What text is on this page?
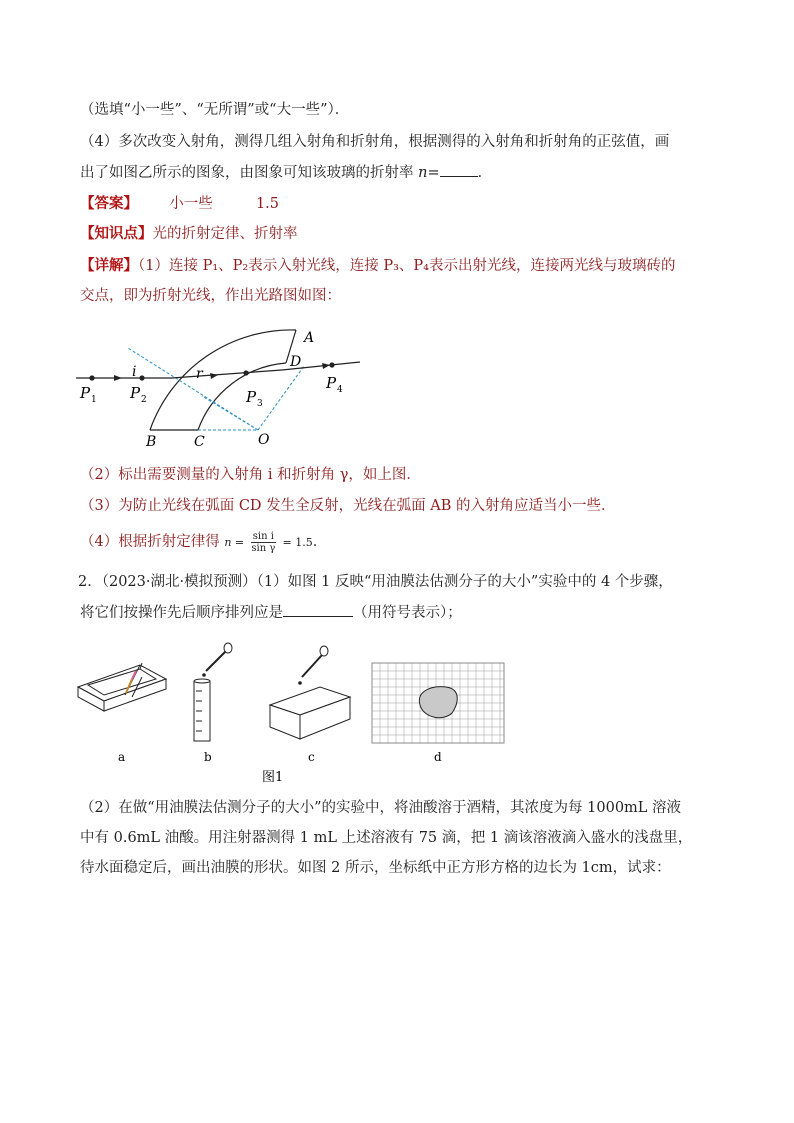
（选填“小一些”、“无所谓”或“大一些”）．
（4）多次改变入射角，测得几组入射角和折射角，根据测得的入射角和折射角的正弦值，画
出了如图乙所示的图象，由图象可知该玻璃的折射率 n=	．
【答案】 小一些	1.5
【知识点】光的折射定律、折射率
【详解】（1）连接 P₁、P₂表示入射光线，连接 P₃、P₄表示出射光线，连接两光线与玻璃砖的
交点，即为折射光线，作出光路图如图：
P 1 P 2
i	r
P 3
P 4
A
D
B	C	O
（2）标出需要测量的入射角 i 和折射角 γ，如上图．
（3）为防止光线在弧面 CD 发生全反射，光线在弧面 AB 的入射角应适当小一些．
（4）根据折射定律得 $n = \frac{\text{sin i}}{\text{sin γ}} = 1.5$．
2．（2023·湖北·模拟预测）（1）如图 1 反映“用油膜法估测分子的大小”实验中的 4 个步骤，
将它们按操作先后顺序排列应是	（用符号表示）；
a	b	c	d
图1
（2）在做“用油膜法估测分子的大小”的实验中，将油酸溶于酒精，其浓度为每 1000mL 溶液
中有 0.6mL 油酸。用注射器测得 1 mL 上述溶液有 75 滴，把 1 滴该溶液滴入盛水的浅盘里，
待水面稳定后，画出油膜的形状。如图 2 所示，坐标纸中正方形方格的边长为 1cm，试求：
